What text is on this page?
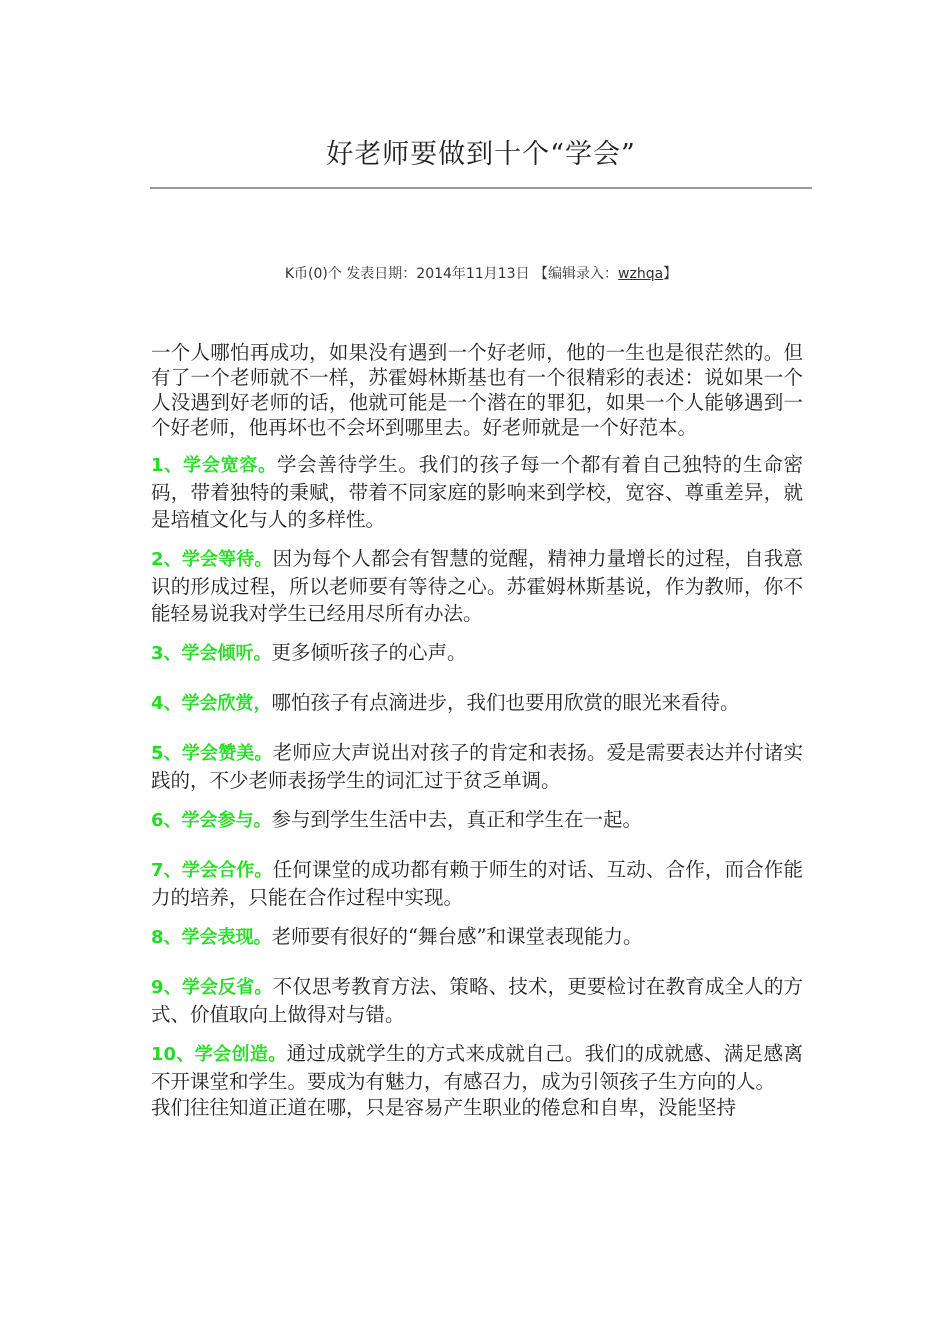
好老师要做到十个“学会”
K币(0)个 发表日期：2014年11月13日 【编辑录入：wzhqa】

一个人哪怕再成功，如果没有遇到一个好老师，他的一生也是很茫然的。但有了一个老师就不一样，苏霍姆林斯基也有一个很精彩的表述：说如果一个人没遇到好老师的话，他就可能是一个潜在的罪犯，如果一个人能够遇到一个好老师，他再坏也不会坏到哪里去。好老师就是一个好范本。

1、学会宽容。学会善待学生。我们的孩子每一个都有着自己独特的生命密码，带着独特的秉赋，带着不同家庭的影响来到学校，宽容、尊重差异，就是培植文化与人的多样性。

2、学会等待。因为每个人都会有智慧的觉醒，精神力量增长的过程，自我意识的形成过程，所以老师要有等待之心。苏霍姆林斯基说，作为教师，你不能轻易说我对学生已经用尽所有办法。

3、学会倾听。更多倾听孩子的心声。

4、学会欣赏，哪怕孩子有点滴进步，我们也要用欣赏的眼光来看待。

5、学会赞美。老师应大声说出对孩子的肯定和表扬。爱是需要表达并付诸实践的，不少老师表扬学生的词汇过于贫乏单调。

6、学会参与。参与到学生生活中去，真正和学生在一起。

7、学会合作。任何课堂的成功都有赖于师生的对话、互动、合作，而合作能力的培养，只能在合作过程中实现。

8、学会表现。老师要有很好的“舞台感”和课堂表现能力。

9、学会反省。不仅思考教育方法、策略、技术，更要检讨在教育成全人的方式、价值取向上做得对与错。

10、学会创造。通过成就学生的方式来成就自己。我们的成就感、满足感离不开课堂和学生。要成为有魅力，有感召力，成为引领孩子生方向的人。

我们往往知道正道在哪，只是容易产生职业的倦怠和自卑，没能坚持
